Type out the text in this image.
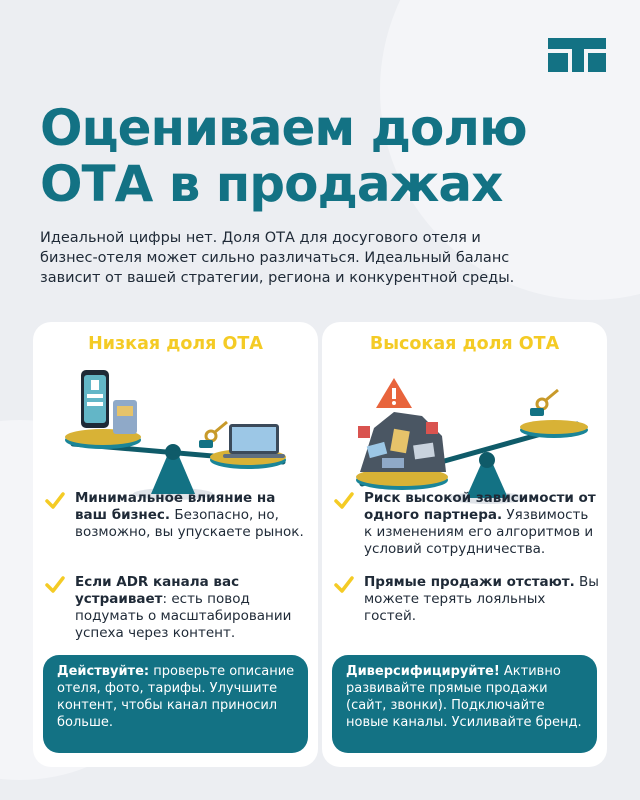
Оцениваем долю
ОТА в продажах
Идеальной цифры нет. Доля ОТА для досугового отеля и
бизнес-отеля может сильно различаться. Идеальный баланс
зависит от вашей стратегии, региона и конкурентной среды.
Низкая доля ОТА
Минимальное влияние на ваш бизнес. Безопасно, но, возможно, вы упускаете рынок.
Если ADR канала вас устраивает: есть повод подумать о масштабировании успеха через контент.
Действуйте: проверьте описание отеля, фото, тарифы. Улучшите контент, чтобы канал приносил больше.
Высокая доля ОТА
Риск высокой зависимости от одного партнера. Уязвимость к изменениям его алгоритмов и условий сотрудничества.
Прямые продажи отстают. Вы можете терять лояльных гостей.
Диверсифицируйте! Активно развивайте прямые продажи (сайт, звонки). Подключайте новые каналы. Усиливайте бренд.
